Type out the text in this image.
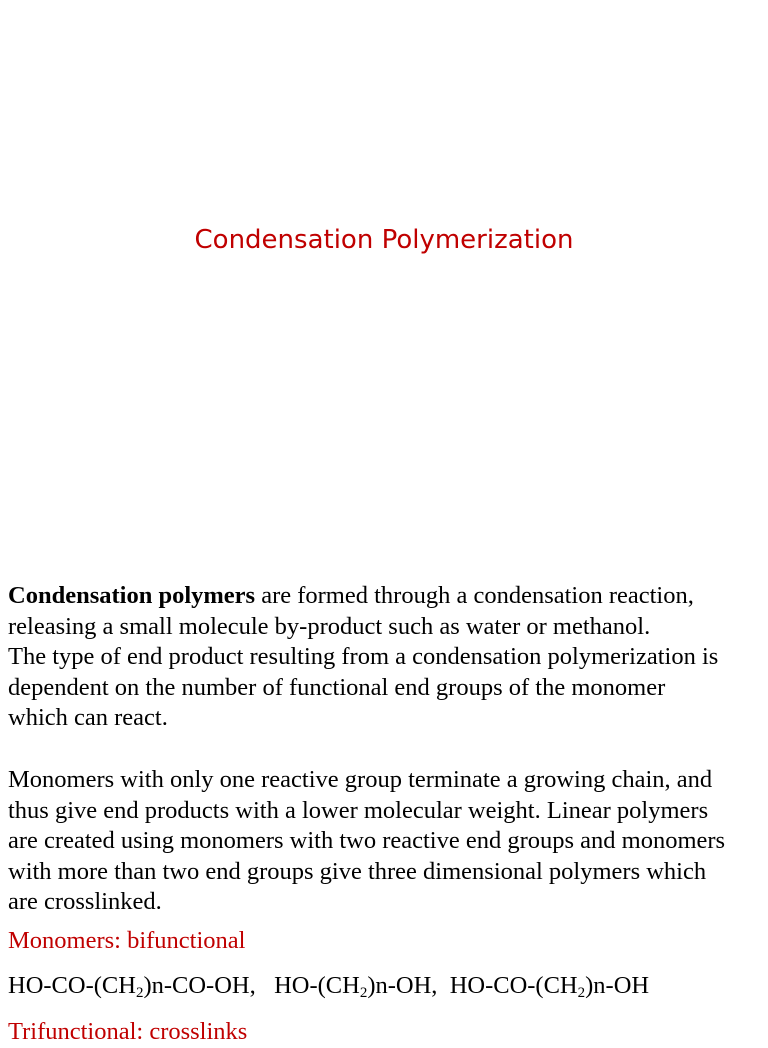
Condensation Polymerization
Condensation polymers are formed through a condensation reaction,
releasing a small molecule by-product such as water or methanol.
The type of end product resulting from a condensation polymerization is
dependent on the number of functional end groups of the monomer
which can react.
Monomers with only one reactive group terminate a growing chain, and
thus give end products with a lower molecular weight. Linear polymers
are created using monomers with two reactive end groups and monomers
with more than two end groups give three dimensional polymers which
are crosslinked.
Monomers: bifunctional
$HO-CO-(CH_2)n-CO-OH$, $HO-(CH_2)n-OH$, $HO-CO-(CH_2)n-OH$
Trifunctional: crosslinks
